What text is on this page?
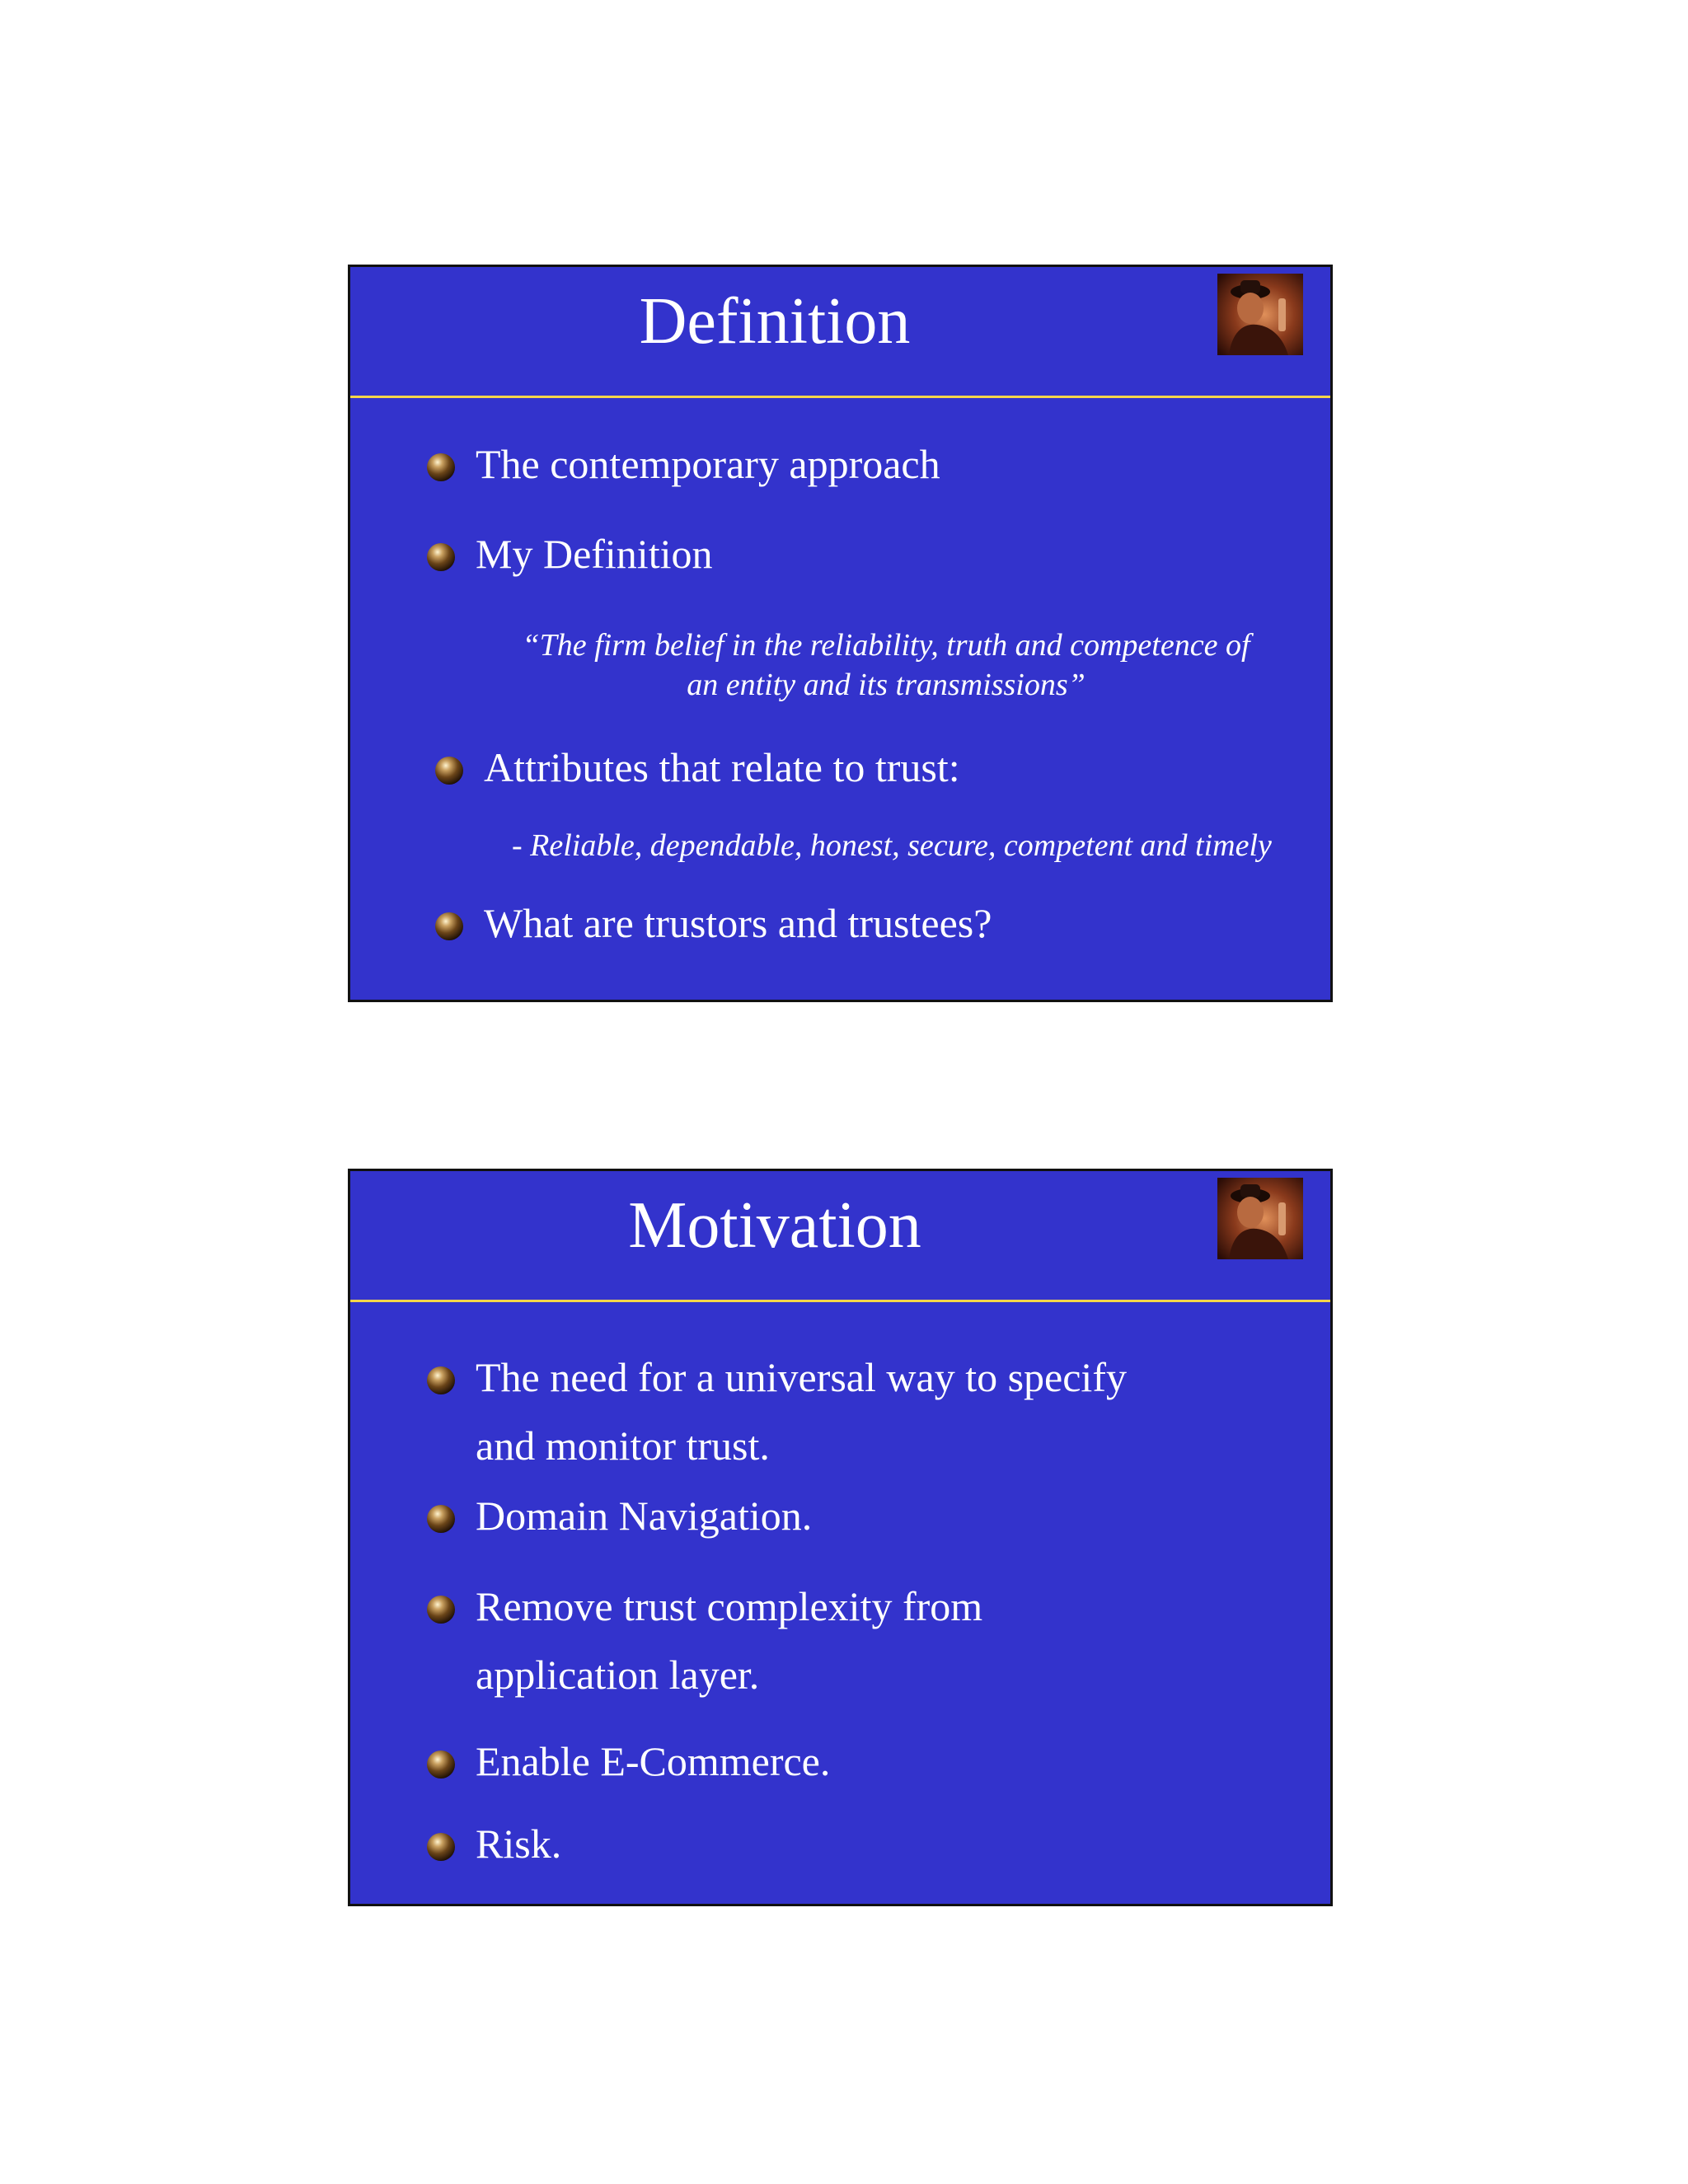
Definition
The contemporary approach
My Definition
“The firm belief in the reliability, truth and competence of
an entity and its transmissions”
Attributes that relate to trust:
- Reliable, dependable, honest, secure, competent and timely
What are trustors and trustees?
Motivation
The need for a universal way to specify
and monitor trust.
Domain Navigation.
Remove trust complexity from
application layer.
Enable E-Commerce.
Risk.
